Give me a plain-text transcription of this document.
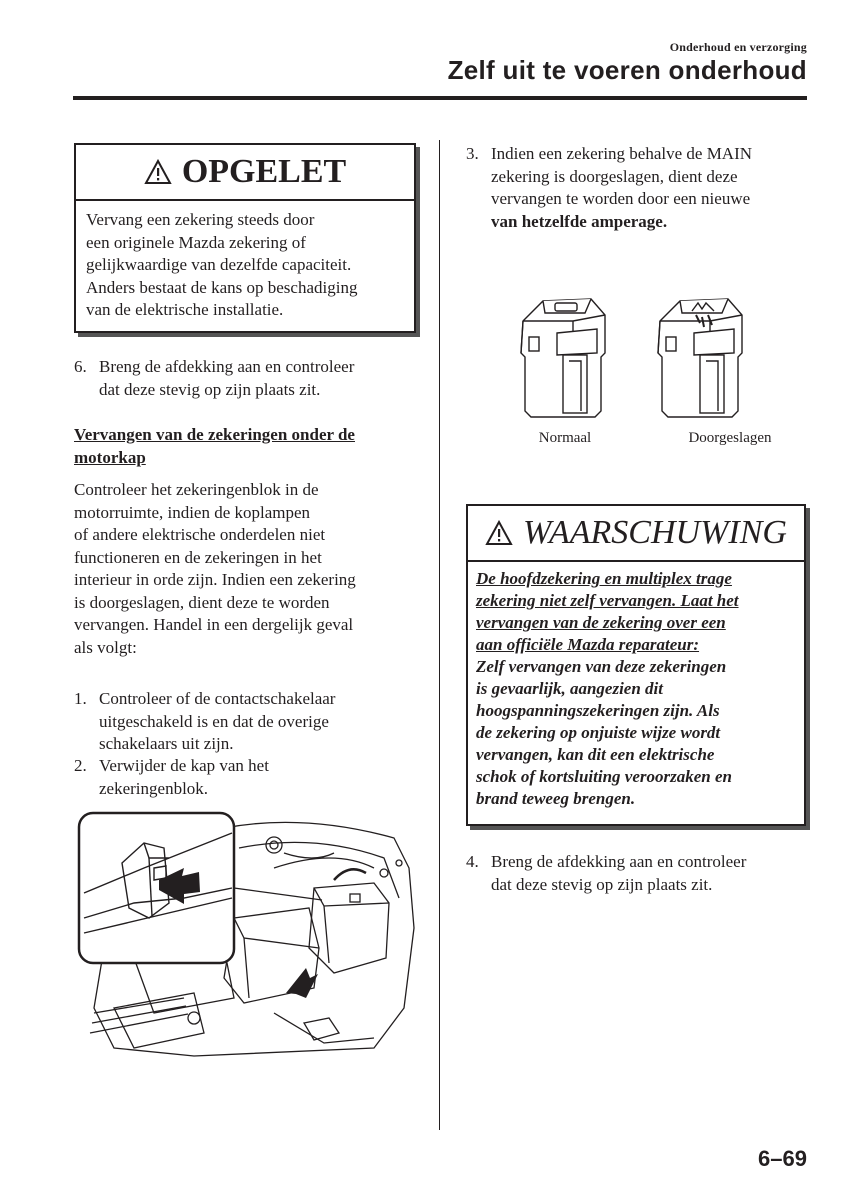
Onderhoud en verzorging
Zelf uit te voeren onderhoud
OPGELET
Vervang een zekering steeds door
een originele Mazda zekering of
gelijkwaardige van dezelfde capaciteit.
Anders bestaat de kans op beschadiging
van de elektrische installatie.
6. Breng de afdekking aan en controleer
dat deze stevig op zijn plaats zit.
Vervangen van de zekeringen onder de
motorkap
Controleer het zekeringenblok in de
motorruimte, indien de koplampen
of andere elektrische onderdelen niet
functioneren en de zekeringen in het
interieur in orde zijn. Indien een zekering
is doorgeslagen, dient deze te worden
vervangen. Handel in een dergelijk geval
als volgt:
1. Controleer of de contactschakelaar
uitgeschakeld is en dat de overige
schakelaars uit zijn.
2. Verwijder de kap van het
zekeringenblok.
3. Indien een zekering behalve de MAIN
zekering is doorgeslagen, dient deze
vervangen te worden door een nieuwe
van hetzelfde amperage.
Normaal	Doorgeslagen
WAARSCHUWING
De hoofdzekering en multiplex trage
zekering niet zelf vervangen. Laat het
vervangen van de zekering over een
aan officiële Mazda reparateur:
Zelf vervangen van deze zekeringen
is gevaarlijk, aangezien dit
hoogspanningszekeringen zijn. Als
de zekering op onjuiste wijze wordt
vervangen, kan dit een elektrische
schok of kortsluiting veroorzaken en
brand teweeg brengen.
4. Breng de afdekking aan en controleer
dat deze stevig op zijn plaats zit.
6–69
